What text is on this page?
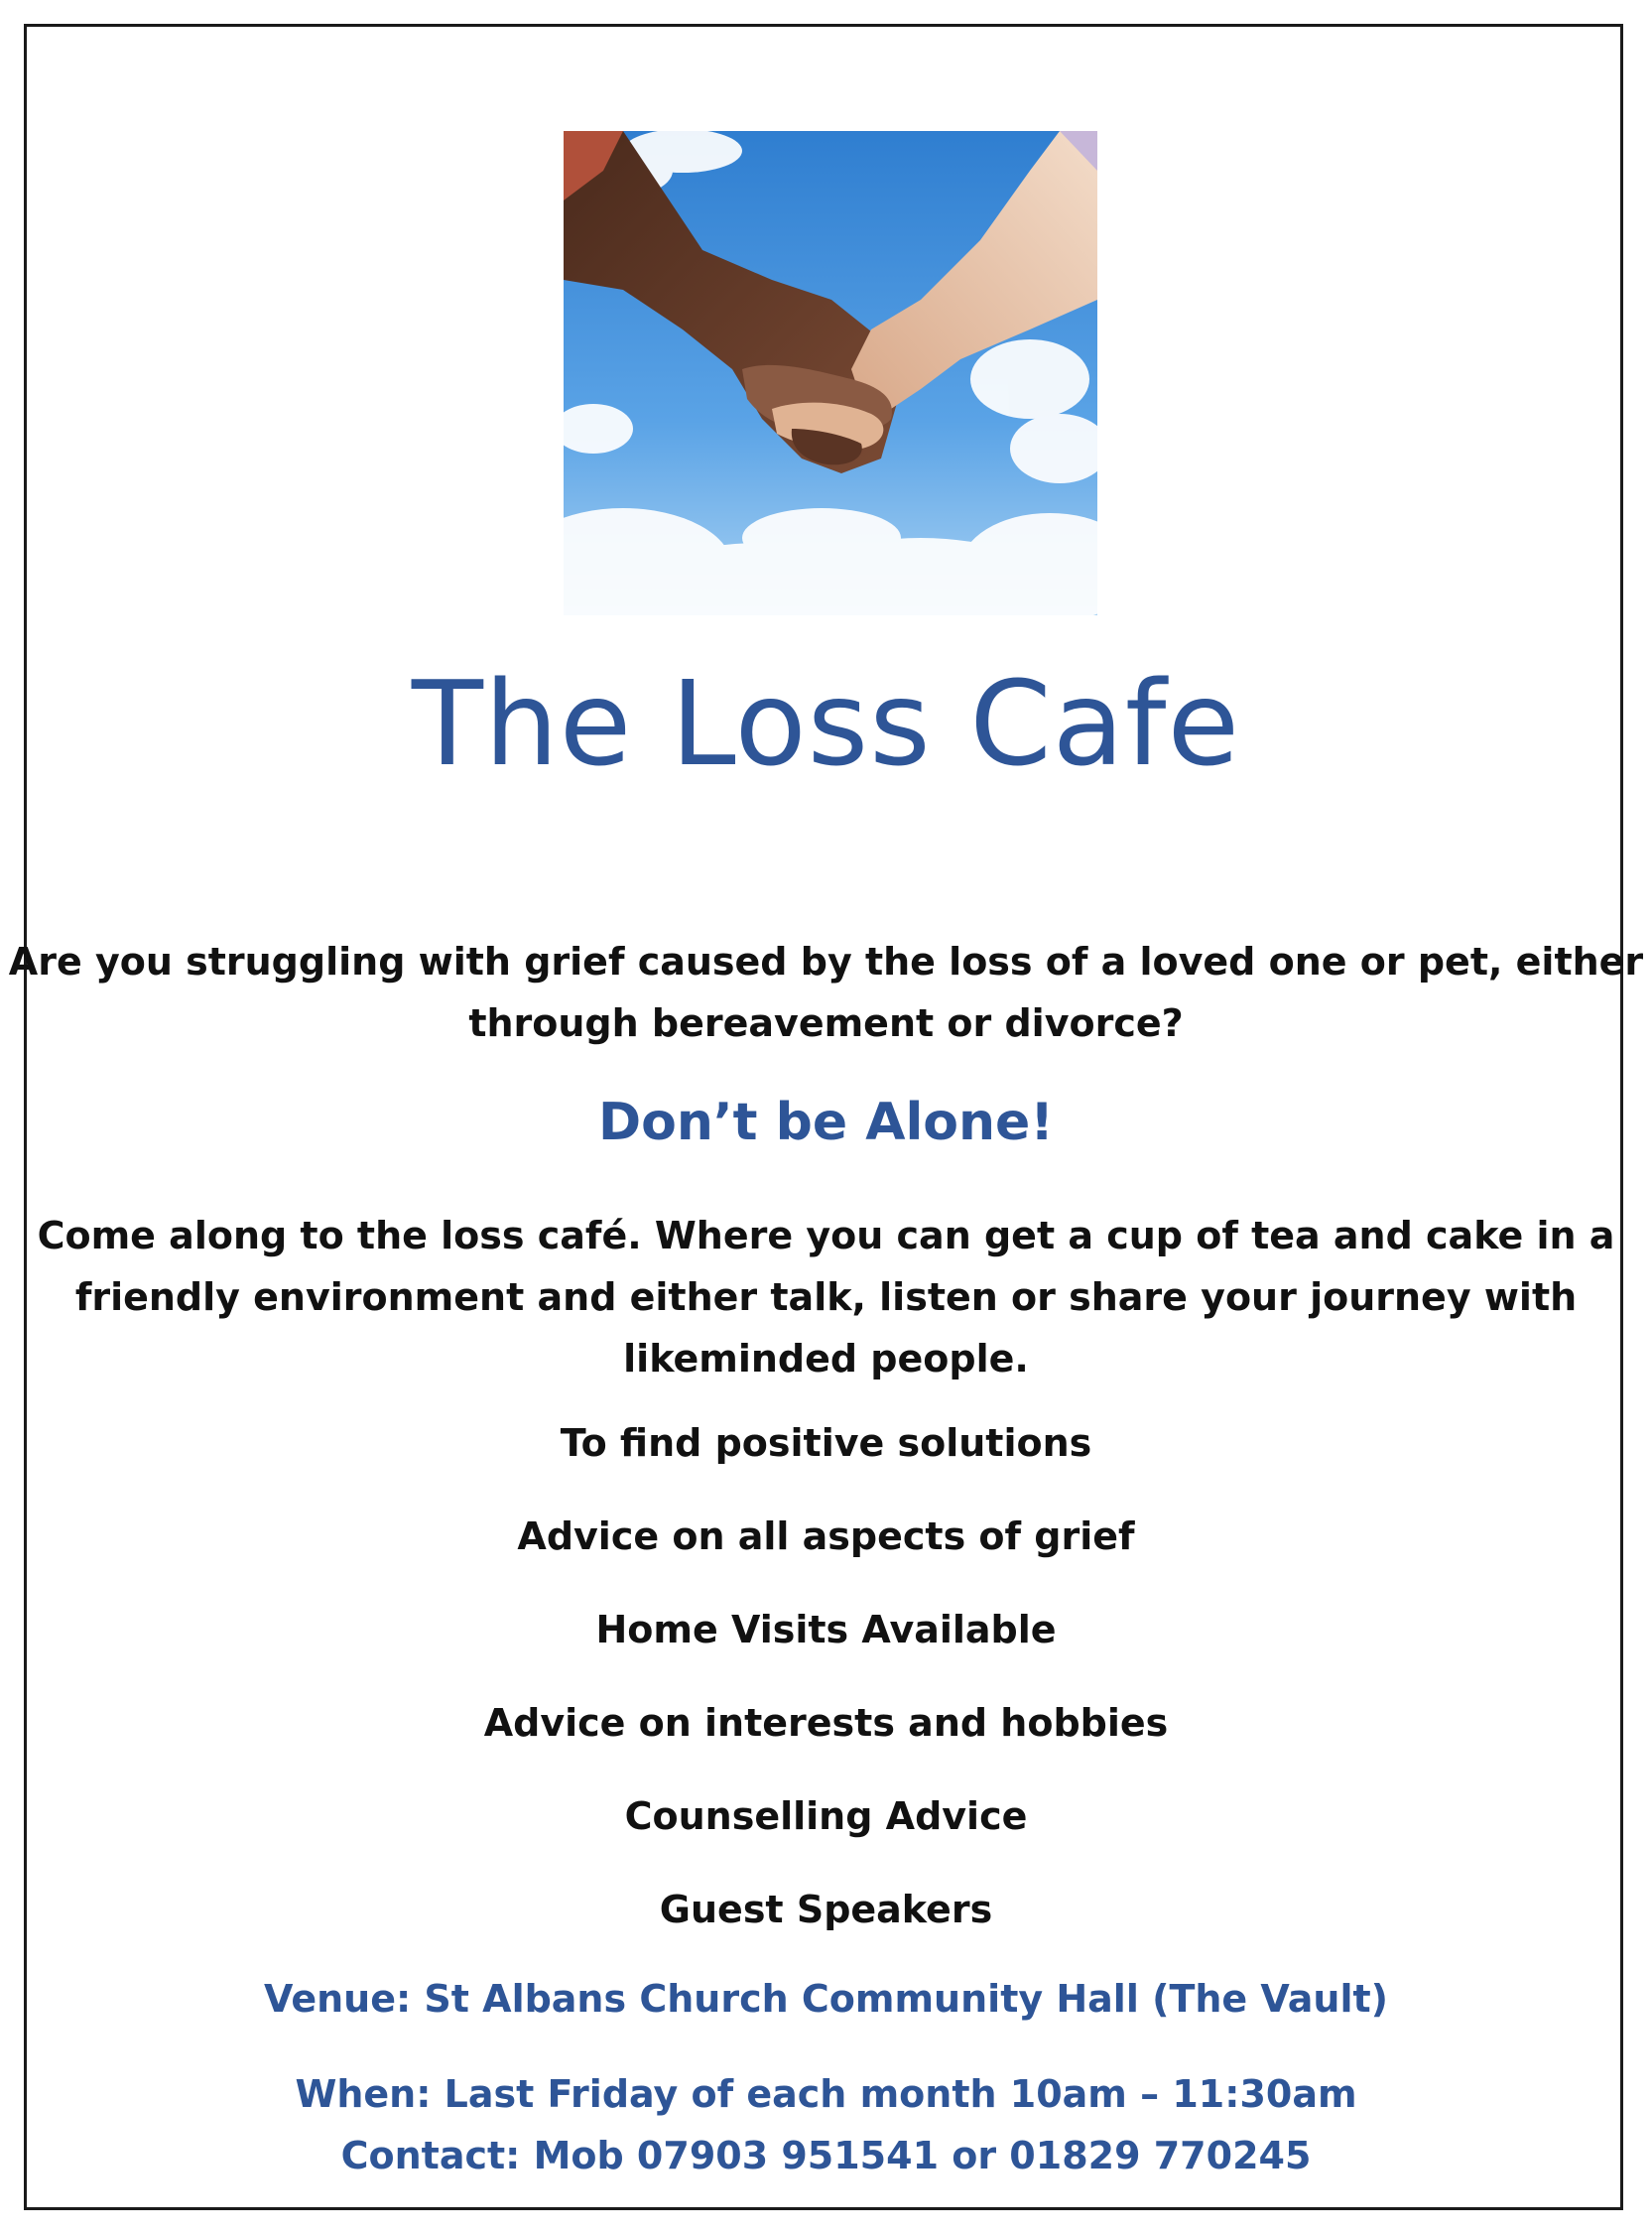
The Loss Cafe
Are you struggling with grief caused by the loss of a loved one or pet, either
through bereavement or divorce?
Don’t be Alone!
Come along to the loss café. Where you can get a cup of tea and cake in a
friendly environment and either talk, listen or share your journey with
likeminded people.
To find positive solutions
Advice on all aspects of grief
Home Visits Available
Advice on interests and hobbies
Counselling Advice
Guest Speakers
Venue: St Albans Church Community Hall (The Vault)
When: Last Friday of each month 10am – 11:30am
Contact: Mob 07903 951541 or 01829 770245
